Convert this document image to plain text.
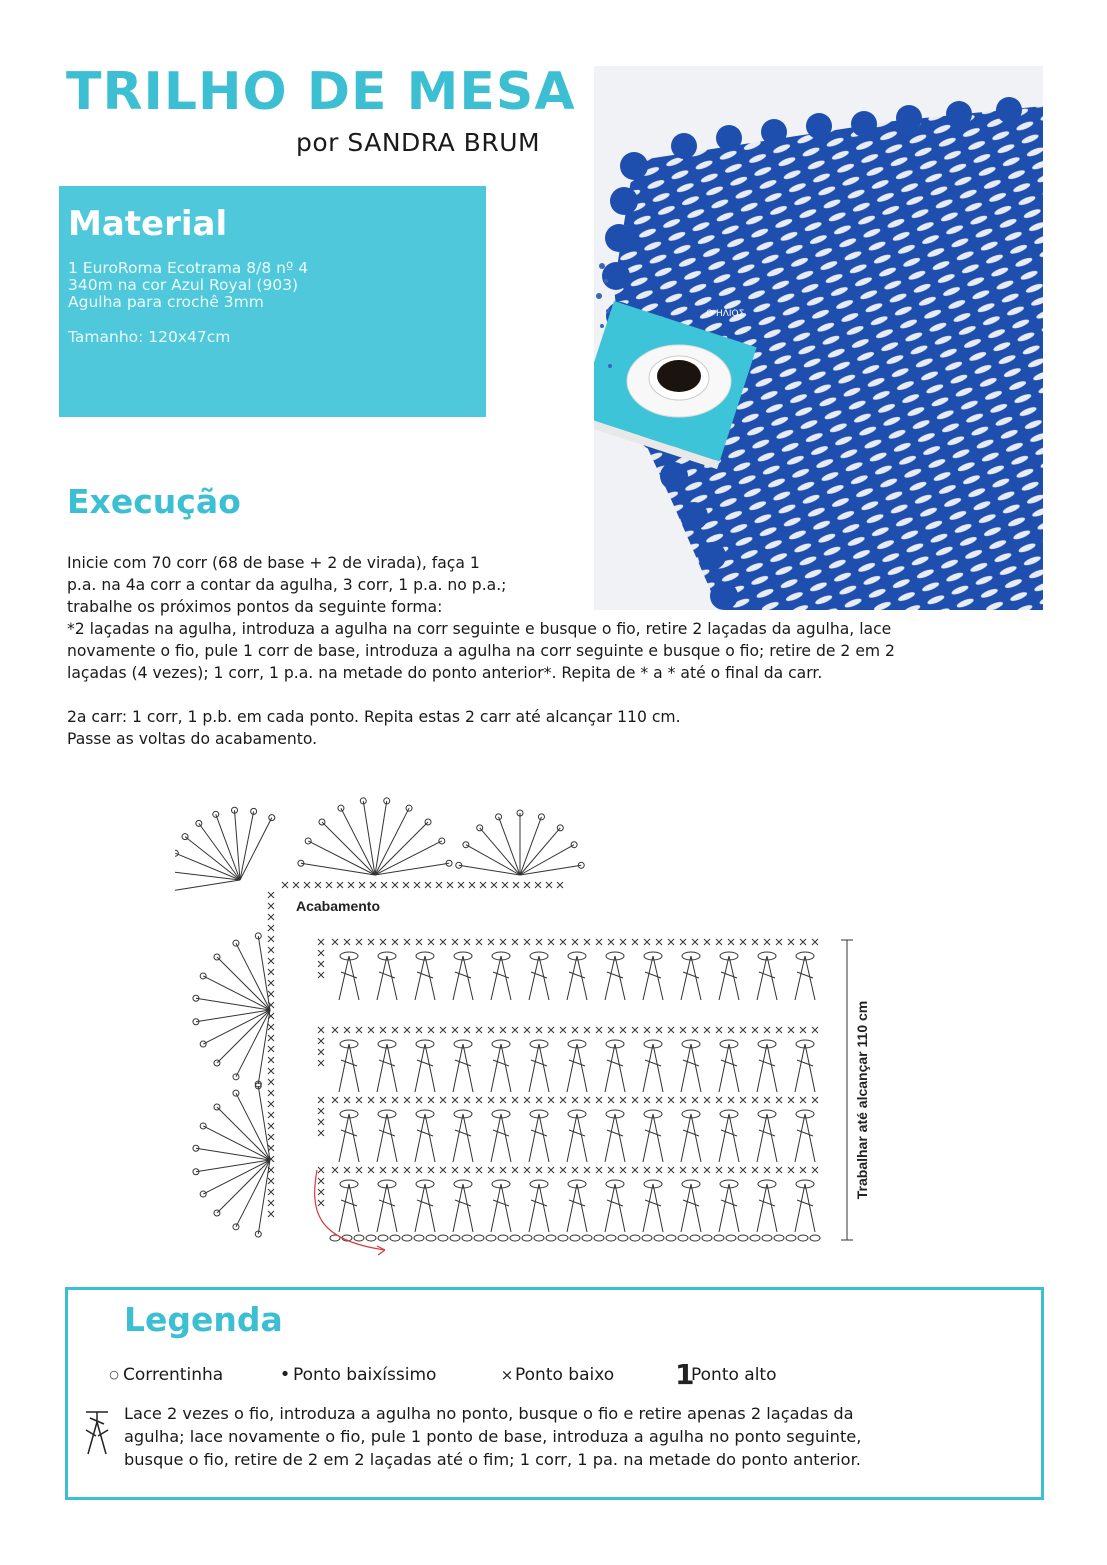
TRILHO DE MESA
por SANDRA BRUM
Material
1 EuroRoma Ecotrama 8/8 nº 4
340m na cor Azul Royal (903)
Agulha para crochê 3mm
Tamanho: 120x47cm
Ο ΗΛΙΟΣ
Execução

Inicie com 70 corr (68 de base + 2 de virada), faça 1

p.a. na 4a corr a contar da agulha, 3 corr, 1 p.a. no p.a.;

trabalhe os próximos pontos da seguinte forma:

*2 laçadas na agulha, introduza a agulha na corr seguinte e busque o fio, retire 2 laçadas da agulha, lace

novamente o fio, pule 1 corr de base, introduza a agulha na corr seguinte e busque o fio; retire de 2 em 2

laçadas (4 vezes); 1 corr, 1 p.a. na metade do ponto anterior*. Repita de * a * até o final da carr.

2a carr: 1 corr, 1 p.b. em cada ponto. Repita estas 2 carr até alcançar 110 cm.

Passe as voltas do acabamento.

Acabamento
Trabalhar até alcançar 110 cm
Legenda
○ Correntinha	• Ponto baixíssimo	× Ponto baixo 1
Ponto alto
Lace 2 vezes o fio, introduza a agulha no ponto, busque o fio e retire apenas 2 laçadas da
agulha; lace novamente o fio, pule 1 ponto de base, introduza a agulha no ponto seguinte,
busque o fio, retire de 2 em 2 laçadas até o fim; 1 corr, 1 pa. na metade do ponto anterior.
